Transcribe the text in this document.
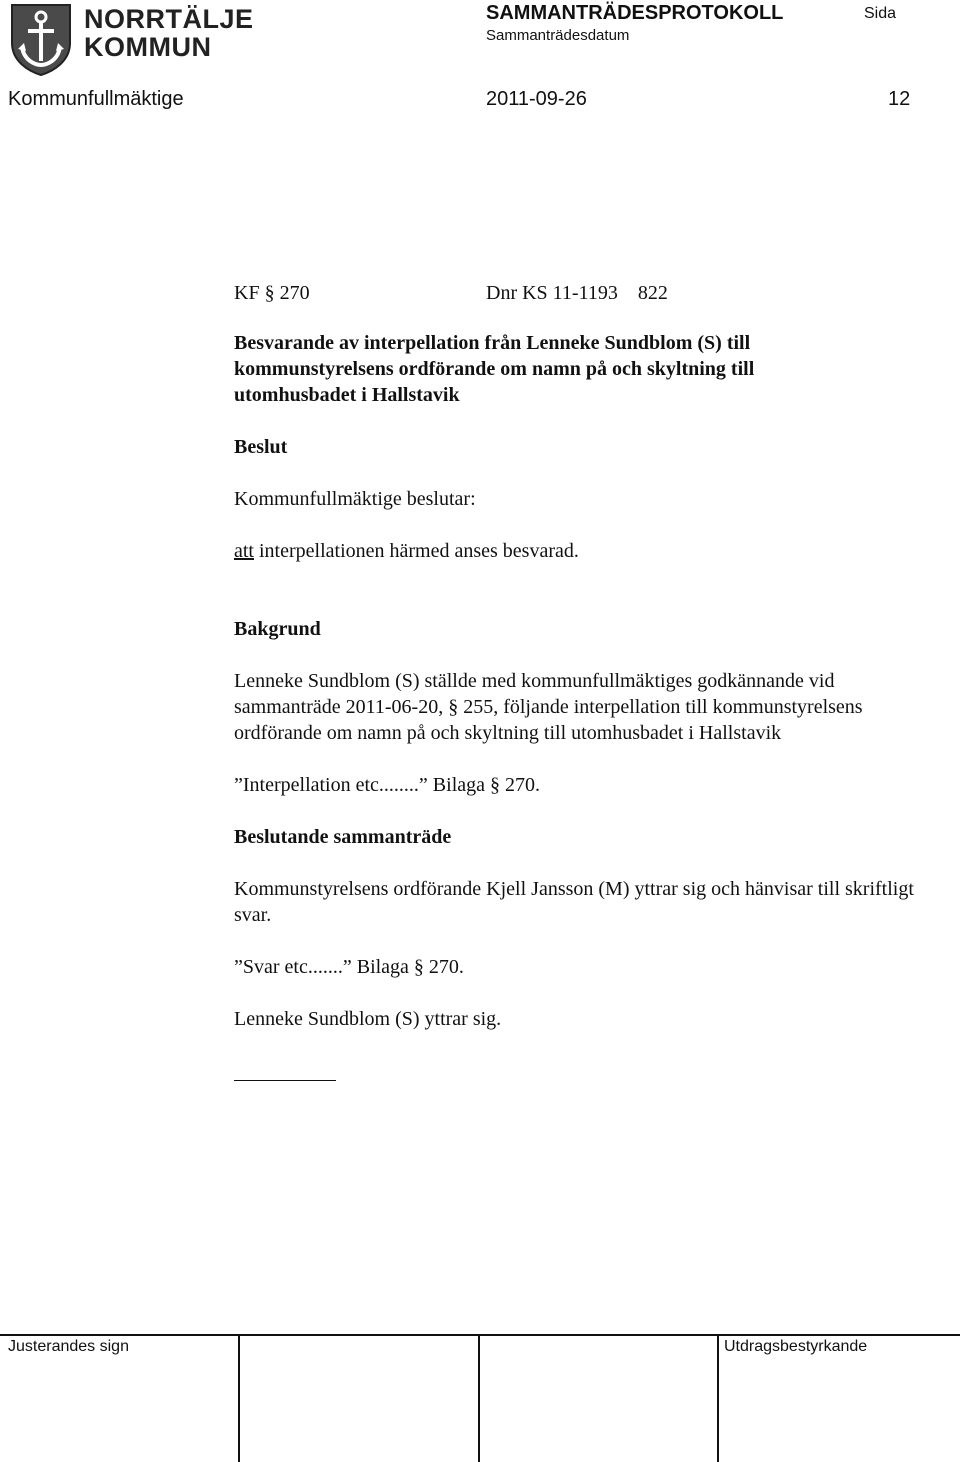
NORRTÄLJE
KOMMUN
SAMMANTRÄDESPROTOKOLL
Sammanträdesdatum
Sida
Kommunfullmäktige	2011-09-26	12
KF § 270	Dnr KS 11-1193    822
Besvarande av interpellation från Lenneke Sundblom (S) till kommunstyrelsens ordförande om namn på och skyltning till utomhusbadet i Hallstavik
Beslut
Kommunfullmäktige beslutar:
att interpellationen härmed anses besvarad.
Bakgrund
Lenneke Sundblom (S) ställde med kommunfullmäktiges godkännande vid sammanträde 2011-06-20, § 255, följande interpellation till kommunstyrelsens ordförande om namn på och skyltning till utomhusbadet i Hallstavik
”Interpellation etc........” Bilaga § 270.
Beslutande sammanträde
Kommunstyrelsens ordförande Kjell Jansson (M) yttrar sig och hänvisar till skriftligt svar.
”Svar etc.......” Bilaga § 270.
Lenneke Sundblom (S) yttrar sig.
Justerandes sign	Utdragsbestyrkande
